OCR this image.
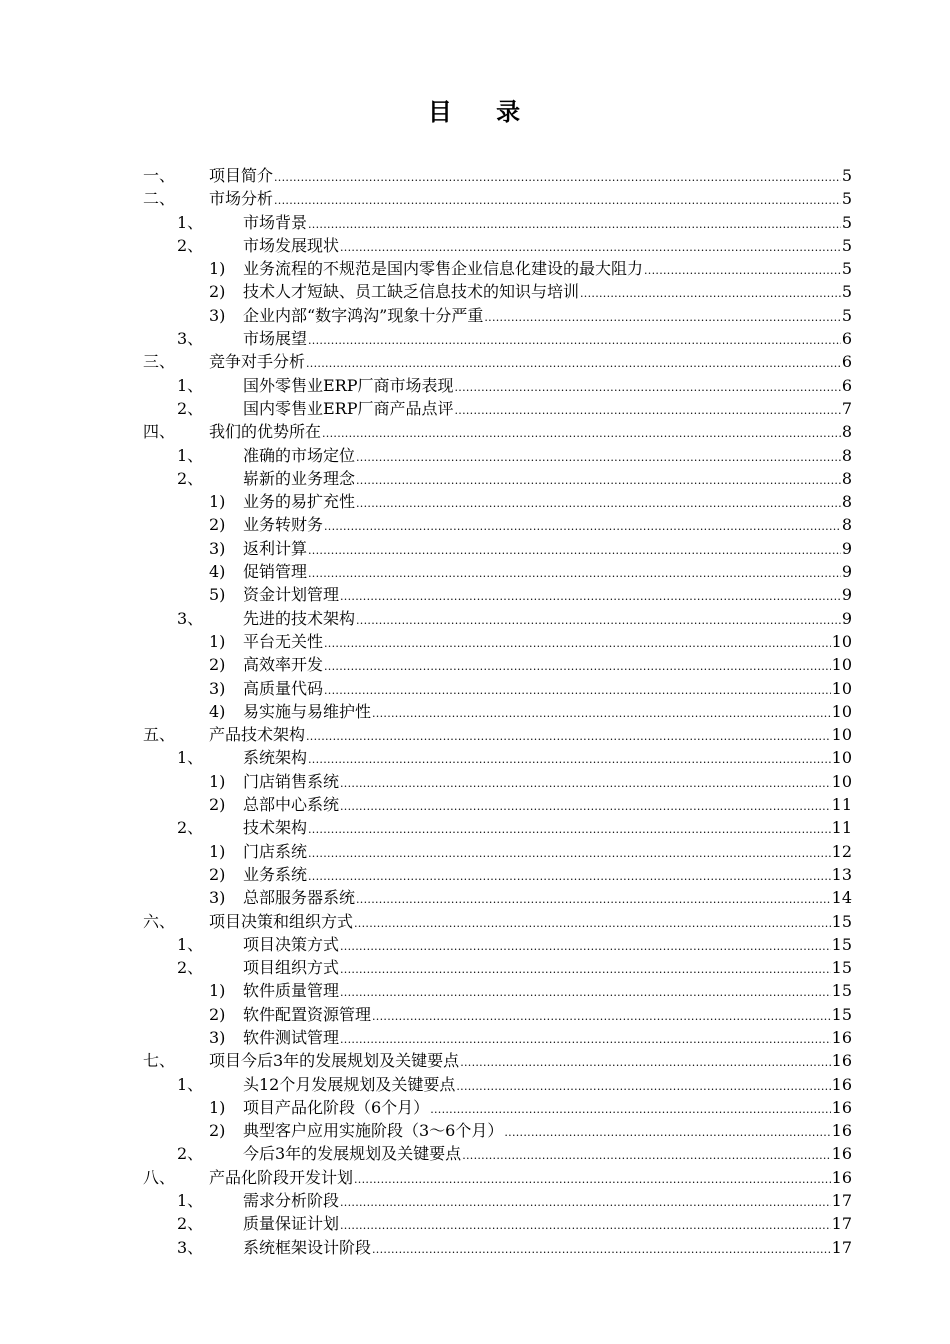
目 录
一、 项目简介 .....	5
二、 市场分析 .....	5
1、 市场背景 .....	5
2、 市场发展现状 .....	5
1) 业务流程的不规范是国内零售企业信息化建设的最大阻力 .....	5
2) 技术人才短缺、员工缺乏信息技术的知识与培训 .....	5
3) 企业内部“数字鸿沟”现象十分严重 .....	5
3、 市场展望 .....	6
三、 竞争对手分析 .....	6
1、 国外零售业ERP厂商市场表现 .....	6
2、 国内零售业ERP厂商产品点评 .....	7
四、 我们的优势所在 .....	8
1、 准确的市场定位 .....	8
2、 崭新的业务理念 .....	8
1) 业务的易扩充性 .....	8
2) 业务转财务 .....	8
3) 返利计算 .....	9
4) 促销管理 .....	9
5) 资金计划管理 .....	9
3、 先进的技术架构 .....	9
1) 平台无关性 .....	10
2) 高效率开发 .....	10
3) 高质量代码 .....	10
4) 易实施与易维护性 .....	10
五、 产品技术架构 .....	10
1、 系统架构 .....	10
1) 门店销售系统 .....	10
2) 总部中心系统 .....	11
2、 技术架构 .....	11
1) 门店系统 .....	12
2) 业务系统 .....	13
3) 总部服务器系统 .....	14
六、 项目决策和组织方式 .....	15
1、 项目决策方式 .....	15
2、 项目组织方式 .....	15
1) 软件质量管理 .....	15
2) 软件配置资源管理 .....	15
3) 软件测试管理 .....	16
七、 项目今后3年的发展规划及关键要点 .....	16
1、 头12个月发展规划及关键要点 .....	16
1) 项目产品化阶段（6个月） .....	16
2) 典型客户应用实施阶段（3～6个月） .....	16
2、 今后3年的发展规划及关键要点 .....	16
八、 产品化阶段开发计划 .....	16
1、 需求分析阶段 .....	17
2、 质量保证计划 .....	17
3、 系统框架设计阶段 .....	17
